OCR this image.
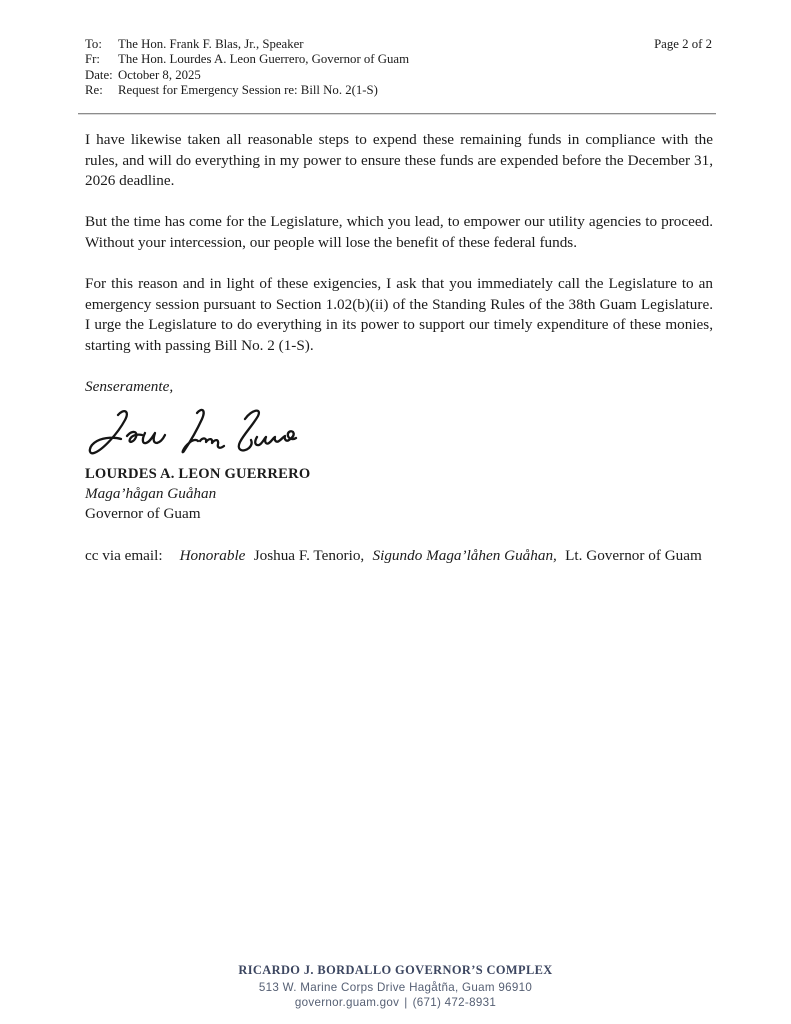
To:	The Hon. Frank F. Blas, Jr., Speaker
Fr:	The Hon. Lourdes A. Leon Guerrero, Governor of Guam
Date: October 8, 2025
Re:	Request for Emergency Session re: Bill No. 2(1-S)
Page 2 of 2

I have likewise taken all reasonable steps to expend these remaining funds in compliance with the rules, and will do everything in my power to ensure these funds are expended before the December 31, 2026 deadline.

But the time has come for the Legislature, which you lead, to empower our utility agencies to proceed. Without your intercession, our people will lose the benefit of these federal funds.

For this reason and in light of these exigencies, I ask that you immediately call the Legislature to an emergency session pursuant to Section 1.02(b)(ii) of the Standing Rules of the 38th Guam Legislature. I urge the Legislature to do everything in its power to support our timely expenditure of these monies, starting with passing Bill No. 2 (1-S).

Senseramente,

LOURDES A. LEON GUERRERO
Maga’hågan Guåhan
Governor of Guam
cc via email: Honorable Joshua F. Tenorio, Sigundo Maga’låhen Guåhan, Lt. Governor of Guam
RICARDO J. BORDALLO GOVERNOR’S COMPLEX
513 W. Marine Corps Drive Hagåtña, Guam 96910
governor.guam.gov | (671) 472-8931
